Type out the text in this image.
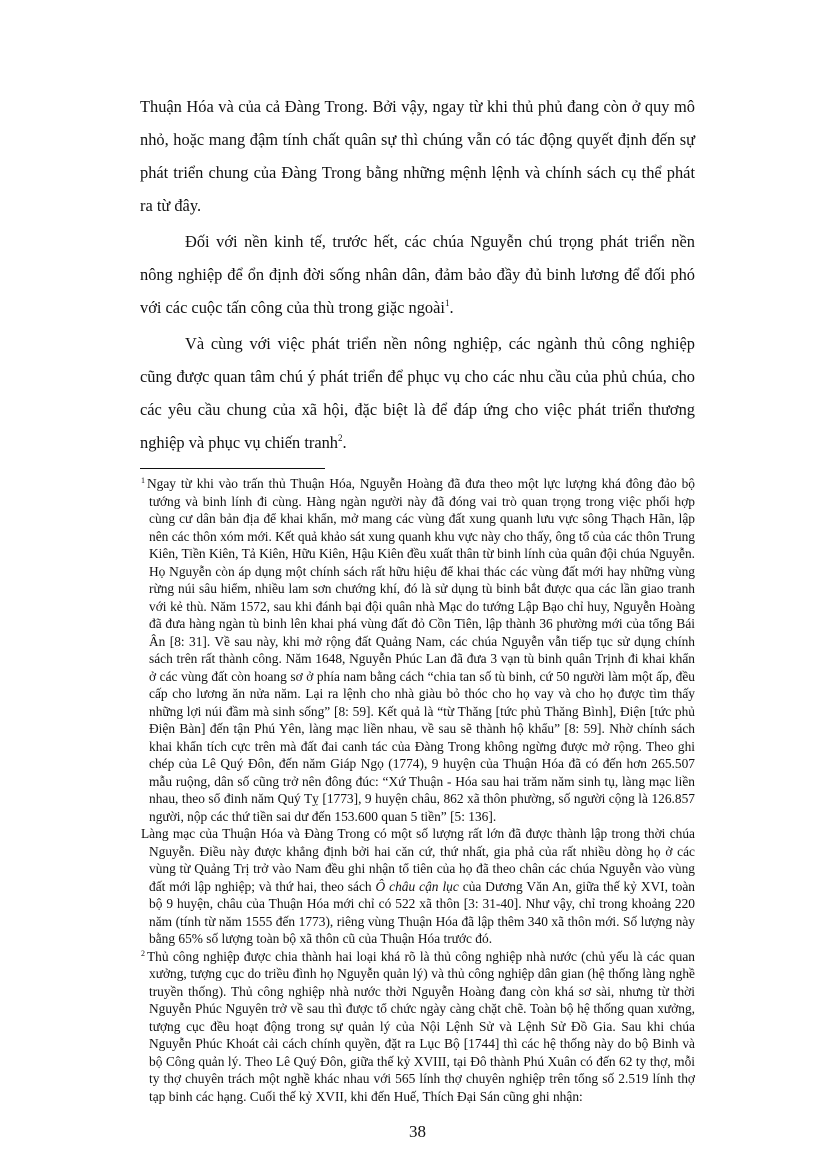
Thuận Hóa và của cả Đàng Trong. Bởi vậy, ngay từ khi thủ phủ đang còn ở quy mô nhỏ, hoặc mang đậm tính chất quân sự thì chúng vẫn có tác động quyết định đến sự phát triển chung của Đàng Trong bằng những mệnh lệnh và chính sách cụ thể phát ra từ đây.

Đối với nền kinh tế, trước hết, các chúa Nguyễn chú trọng phát triển nền nông nghiệp để ổn định đời sống nhân dân, đảm bảo đầy đủ binh lương để đối phó với các cuộc tấn công của thù trong giặc ngoài$^1$.

Và cùng với việc phát triển nền nông nghiệp, các ngành thủ công nghiệp cũng được quan tâm chú ý phát triển để phục vụ cho các nhu cầu của phủ chúa, cho các yêu cầu chung của xã hội, đặc biệt là để đáp ứng cho việc phát triển thương nghiệp và phục vụ chiến tranh$^2$.

$^1$ Ngay từ khi vào trấn thủ Thuận Hóa, Nguyễn Hoàng đã đưa theo một lực lượng khá đông đảo bộ tướng và binh lính đi cùng. Hàng ngàn người này đã đóng vai trò quan trọng trong việc phối hợp cùng cư dân bản địa để khai khẩn, mở mang các vùng đất xung quanh lưu vực sông Thạch Hãn, lập nên các thôn xóm mới. Kết quả khảo sát xung quanh khu vực này cho thấy, ông tổ của các thôn Trung Kiên, Tiền Kiên, Tả Kiên, Hữu Kiên, Hậu Kiên đều xuất thân từ binh lính của quân đội chúa Nguyễn. Họ Nguyễn còn áp dụng một chính sách rất hữu hiệu để khai thác các vùng đất mới hay những vùng rừng núi sâu hiểm, nhiều lam sơn chướng khí, đó là sử dụng tù binh bắt được qua các lần giao tranh với kẻ thù. Năm 1572, sau khi đánh bại đội quân nhà Mạc do tướng Lập Bạo chỉ huy, Nguyễn Hoàng đã đưa hàng ngàn tù binh lên khai phá vùng đất đỏ Cồn Tiên, lập thành 36 phường mới của tổng Bái Ân [8: 31]. Về sau này, khi mở rộng đất Quảng Nam, các chúa Nguyễn vẫn tiếp tục sử dụng chính sách trên rất thành công. Năm 1648, Nguyễn Phúc Lan đã đưa 3 vạn tù binh quân Trịnh đi khai khẩn ở các vùng đất còn hoang sơ ở phía nam bằng cách “chia tan số tù binh, cứ 50 người làm một ấp, đều cấp cho lương ăn nửa năm. Lại ra lệnh cho nhà giàu bỏ thóc cho họ vay và cho họ được tìm thấy những lợi núi đầm mà sinh sống” [8: 59]. Kết quả là “từ Thăng [tức phủ Thăng Bình], Điện [tức phủ Điện Bàn] đến tận Phú Yên, làng mạc liền nhau, về sau sẽ thành hộ khẩu” [8: 59]. Nhờ chính sách khai khẩn tích cực trên mà đất đai canh tác của Đàng Trong không ngừng được mở rộng. Theo ghi chép của Lê Quý Đôn, đến năm Giáp Ngọ (1774), 9 huyện của Thuận Hóa đã có đến hơn 265.507 mẫu ruộng, dân số cũng trở nên đông đúc: “Xứ Thuận - Hóa sau hai trăm năm sinh tụ, làng mạc liền nhau, theo sổ đinh năm Quý Tỵ [1773], 9 huyện châu, 862 xã thôn phường, số người cộng là 126.857 người, nộp các thứ tiền sai dư đến 153.600 quan 5 tiền” [5: 136].

Làng mạc của Thuận Hóa và Đàng Trong có một số lượng rất lớn đã được thành lập trong thời chúa Nguyễn. Điều này được khẳng định bởi hai căn cứ, thứ nhất, gia phả của rất nhiều dòng họ ở các vùng từ Quảng Trị trở vào Nam đều ghi nhận tổ tiên của họ đã theo chân các chúa Nguyễn vào vùng đất mới lập nghiệp; và thứ hai, theo sách Ô châu cận lục của Dương Văn An, giữa thế kỷ XVI, toàn bộ 9 huyện, châu của Thuận Hóa mới chỉ có 522 xã thôn [3: 31-40]. Như vậy, chỉ trong khoảng 220 năm (tính từ năm 1555 đến 1773), riêng vùng Thuận Hóa đã lập thêm 340 xã thôn mới. Số lượng này bằng 65% số lượng toàn bộ xã thôn cũ của Thuận Hóa trước đó.

$^2$ Thủ công nghiệp được chia thành hai loại khá rõ là thủ công nghiệp nhà nước (chủ yếu là các quan xưởng, tượng cục do triều đình họ Nguyễn quản lý) và thủ công nghiệp dân gian (hệ thống làng nghề truyền thống). Thủ công nghiệp nhà nước thời Nguyễn Hoàng đang còn khá sơ sài, nhưng từ thời Nguyễn Phúc Nguyên trở về sau thì được tổ chức ngày càng chặt chẽ. Toàn bộ hệ thống quan xưởng, tượng cục đều hoạt động trong sự quản lý của Nội Lệnh Sử và Lệnh Sử Đồ Gia. Sau khi chúa Nguyễn Phúc Khoát cải cách chính quyền, đặt ra Lục Bộ [1744] thì các hệ thống này do bộ Binh và bộ Công quản lý. Theo Lê Quý Đôn, giữa thế kỷ XVIII, tại Đô thành Phú Xuân có đến 62 ty thợ, mỗi ty thợ chuyên trách một nghề khác nhau với 565 lính thợ chuyên nghiệp trên tổng số 2.519 lính thợ tạp binh các hạng. Cuối thế kỷ XVII, khi đến Huế, Thích Đại Sán cũng ghi nhận:

38
